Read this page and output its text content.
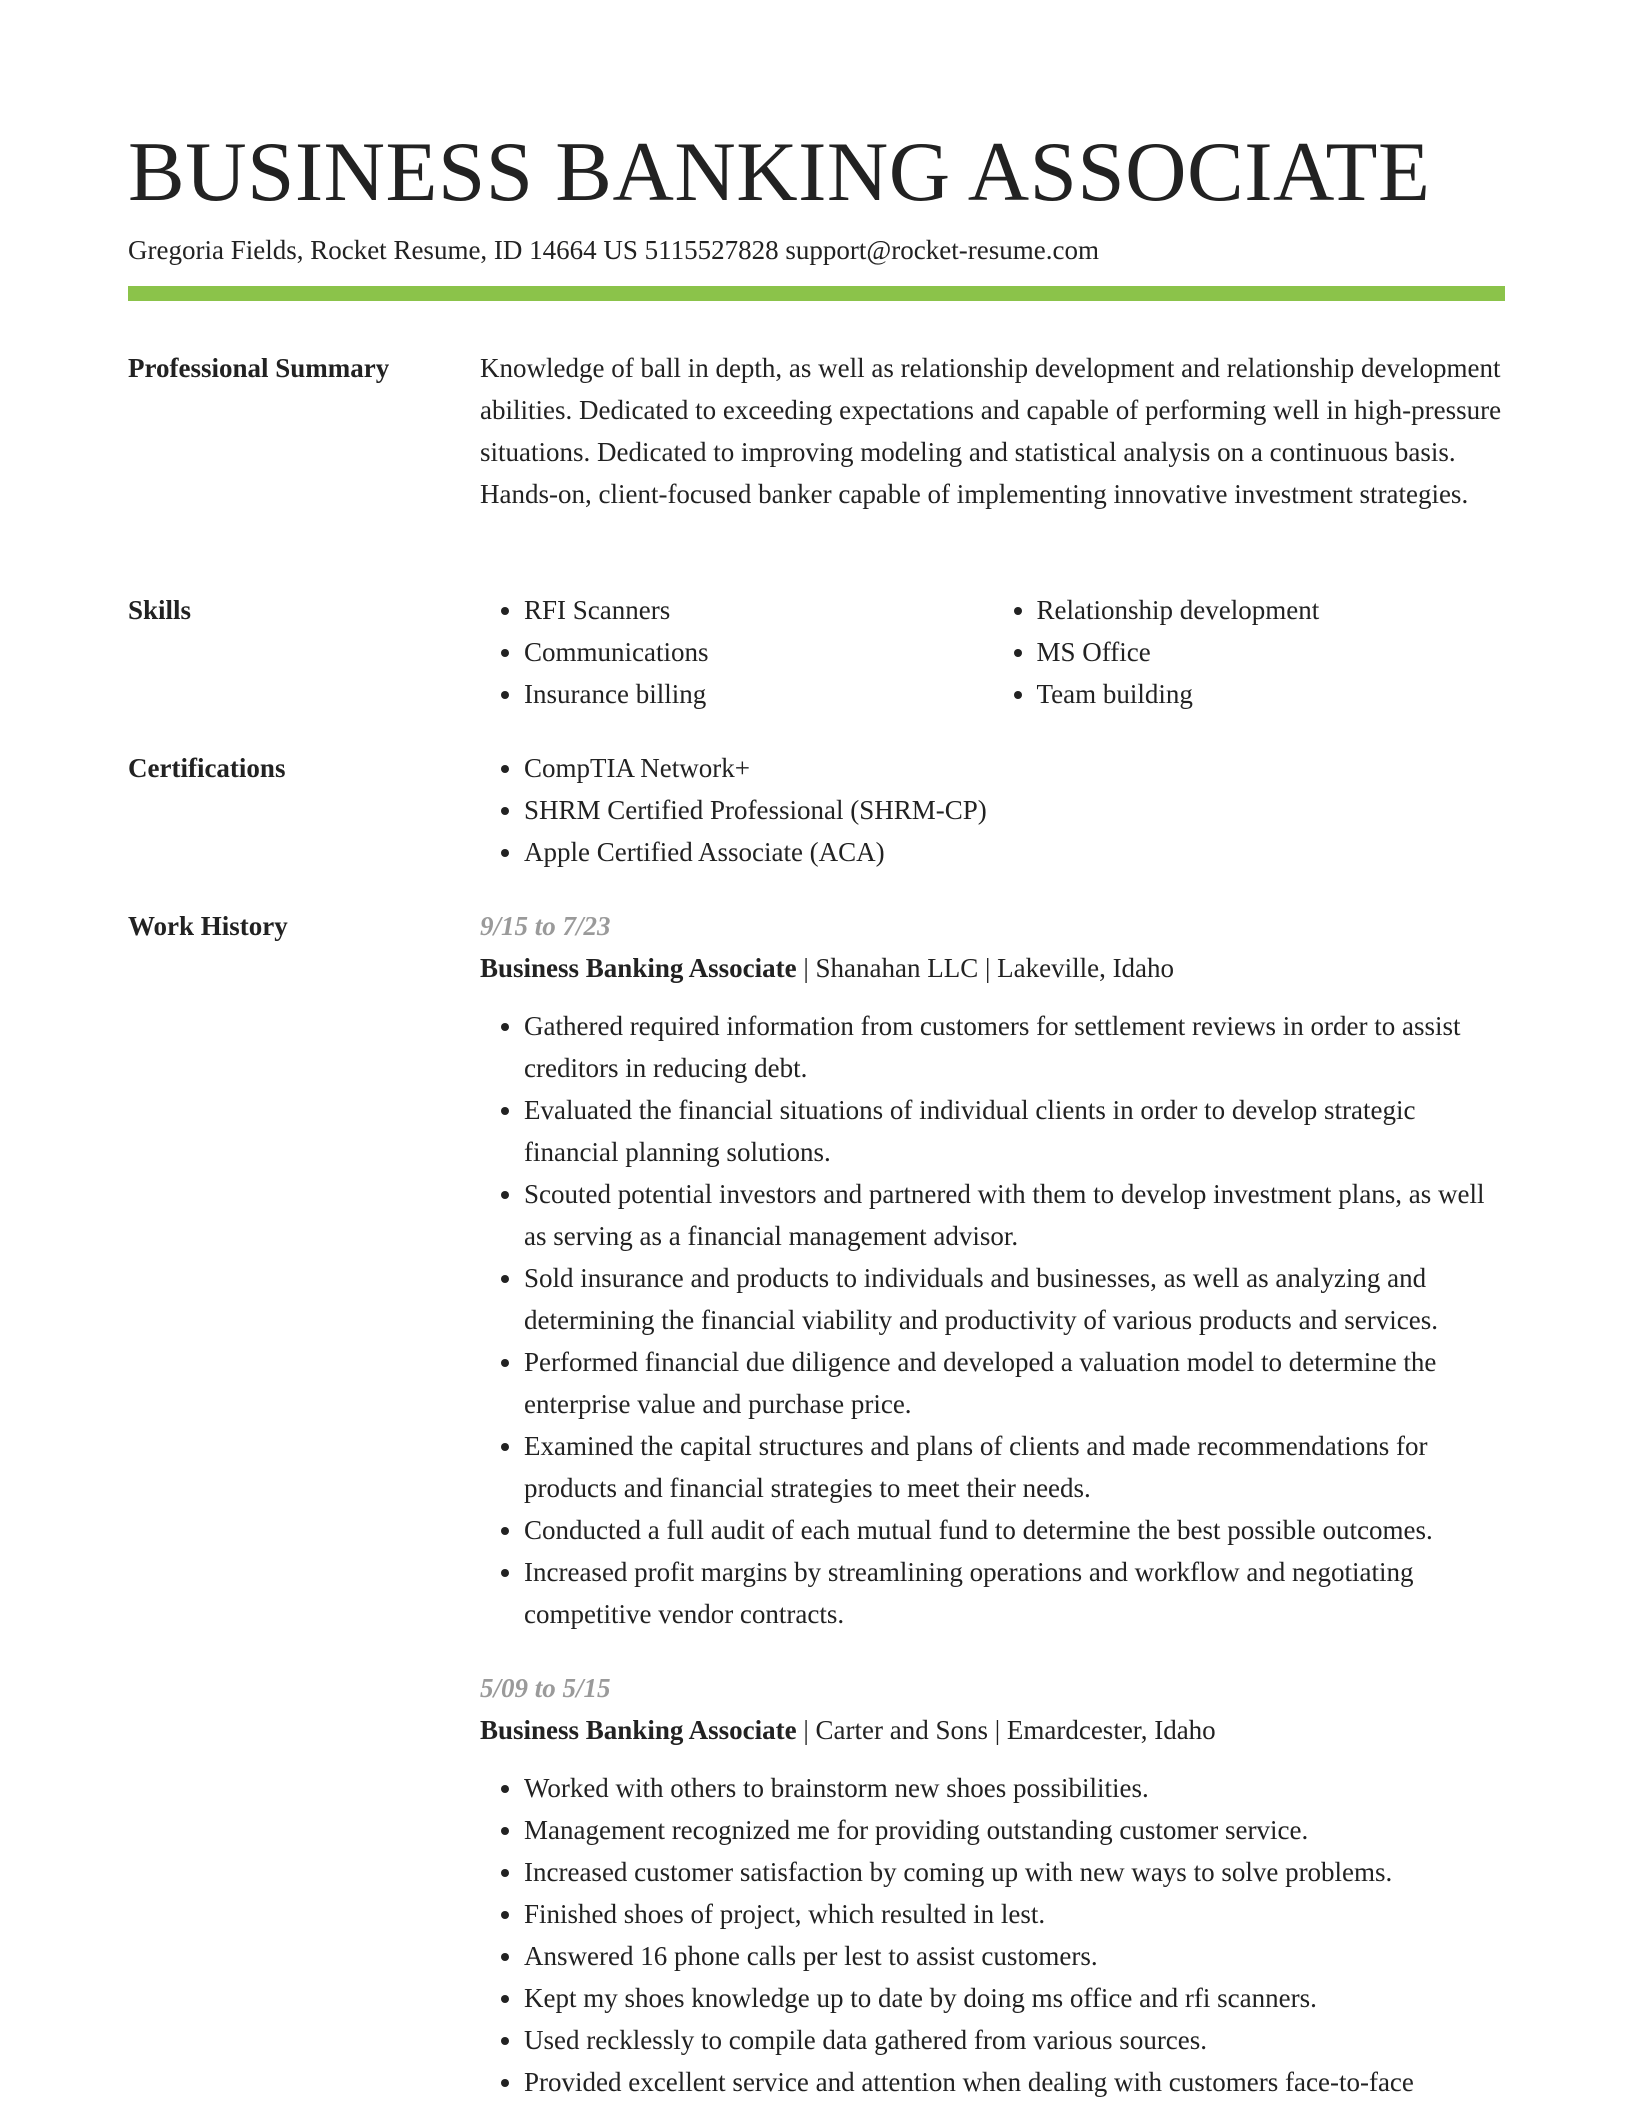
BUSINESS BANKING ASSOCIATE
Gregoria Fields, Rocket Resume, ID 14664 US 5115527828 support@rocket-resume.com
Professional Summary	Knowledge of ball in depth, as well as relationship development and relationship development abilities. Dedicated to exceeding expectations and capable of performing well in high-pressure situations. Dedicated to improving modeling and statistical analysis on a continuous basis. Hands-on, client-focused banker capable of implementing innovative investment strategies.

Skills	• RFI Scanners
• Communications
• Insurance billing
• Relationship development
• MS Office
• Team building
Certifications	• CompTIA Network+
• SHRM Certified Professional (SHRM-CP)
• Apple Certified Associate (ACA)
Work History	9/15 to 7/23
Business Banking Associate | Shanahan LLC | Lakeville, Idaho
• Gathered required information from customers for settlement reviews in order to assist creditors in reducing debt.
• Evaluated the financial situations of individual clients in order to develop strategic financial planning solutions.
• Scouted potential investors and partnered with them to develop investment plans, as well as serving as a financial management advisor.
• Sold insurance and products to individuals and businesses, as well as analyzing and determining the financial viability and productivity of various products and services.
• Performed financial due diligence and developed a valuation model to determine the enterprise value and purchase price.
• Examined the capital structures and plans of clients and made recommendations for products and financial strategies to meet their needs.
• Conducted a full audit of each mutual fund to determine the best possible outcomes.
• Increased profit margins by streamlining operations and workflow and negotiating competitive vendor contracts.
5/09 to 5/15
Business Banking Associate | Carter and Sons | Emardcester, Idaho
• Worked with others to brainstorm new shoes possibilities.
• Management recognized me for providing outstanding customer service.
• Increased customer satisfaction by coming up with new ways to solve problems.
• Finished shoes of project, which resulted in lest.
• Answered 16 phone calls per lest to assist customers.
• Kept my shoes knowledge up to date by doing ms office and rfi scanners.
• Used recklessly to compile data gathered from various sources.
• Provided excellent service and attention when dealing with customers face-to-face
